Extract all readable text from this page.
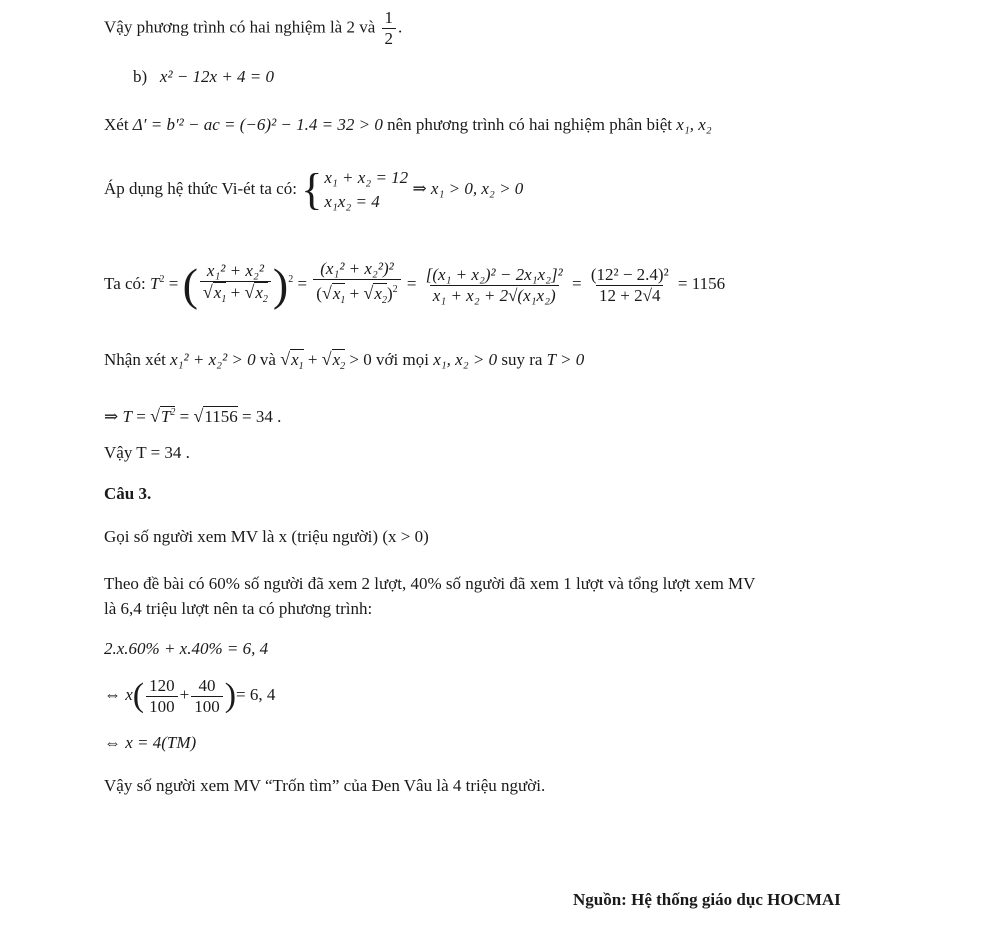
Vậy phương trình có hai nghiệm là 2 và $\frac{1}{2}$ .
b) x² − 12x + 4 = 0
Xét Δ′ = b′² − ac = (−6)² − 1.4 = 32 > 0 nên phương trình có hai nghiệm phân biệt x₁, x₂
Áp dụng hệ thức Vi-ét ta có: { x₁ + x₂ = 12
x₁x₂ = 4
⇒ x₁ > 0, x₂ > 0
Ta có: $T^2$ = ( $\frac{\text{x₁² + x₂²}}{√x_1 + √x_2} )^2 = \frac{\text{(x₁² + x₂²)²}}{(√x_1 + √x_2)^2} = \frac{\text{[(x₁ + x₂)² − 2x₁x₂]²}}{\text{x₁ + x₂ + 2√(x₁x₂)}} = \frac{\text{(12² − 2.4)²}}{12 + 2√4} = 1156$
Nhận xét x₁² + x₂² > 0 và $√x_1 + √x_2 > 0$ với mọi x₁, x₂ > 0 suy ra T > 0
⇒ $T = √T^2 = √1156 = 34$ .
Vậy T = 34 .
Câu 3.
Gọi số người xem MV là x (triệu người) (x > 0)
Theo đề bài có 60% số người đã xem 2 lượt, 40% số người đã xem 1 lượt và tổng lượt xem MV
là 6,4 triệu lượt nên ta có phương trình:
2.x.60% + x.40% = 6, 4
⇔ $x( \frac{120}{100} + \frac{40}{100}$ )= 6, 4
⇔ x = 4(TM)
Vậy số người xem MV “Trốn tìm” của Đen Vâu là 4 triệu người.
Nguồn: Hệ thống giáo dục HOCMAI
